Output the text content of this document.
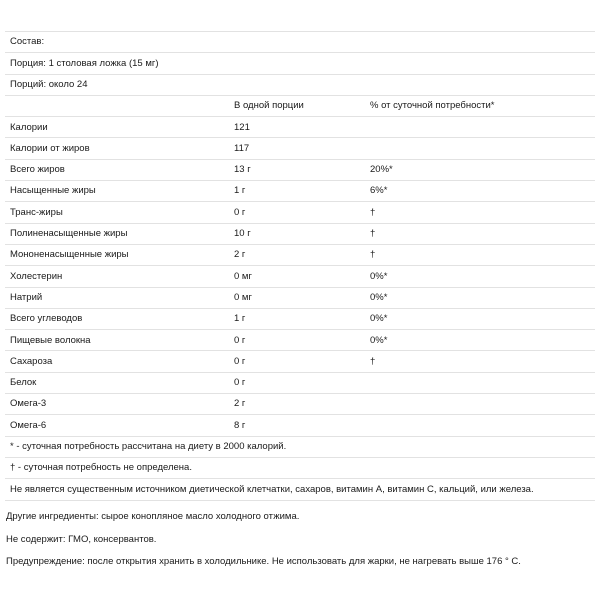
Состав:		
Порция: 1 столовая ложка (15 мг)		
Порций: около 24		
	В одной порции	% от суточной потребности*
Калории	121	
Калории от жиров	117	
Всего жиров	13 г	20%*
Насыщенные жиры	1 г	6%*
Транс-жиры	0 г	†
Полиненасыщенные жиры	10 г	†
Мононенасыщенные жиры	2 г	†
Холестерин	0 мг	0%*
Натрий	0 мг	0%*
Всего углеводов	1 г	0%*
Пищевые волокна	0 г	0%*
Сахароза	0 г	†
Белок	0 г	
Омега-3	2 г	
Омега-6	8 г	
* - суточная потребность рассчитана на диету в 2000 калорий.		
† - суточная потребность не определена.		
Не является существенным источником диетической клетчатки, сахаров, витамин А, витамин С, кальций, или железа.		
Другие ингредиенты: сырое конопляное масло холодного отжима.
Не содержит: ГМО, консервантов.
Предупреждение: после открытия хранить в холодильнике. Не использовать для жарки, не нагревать выше 176 ° С.
